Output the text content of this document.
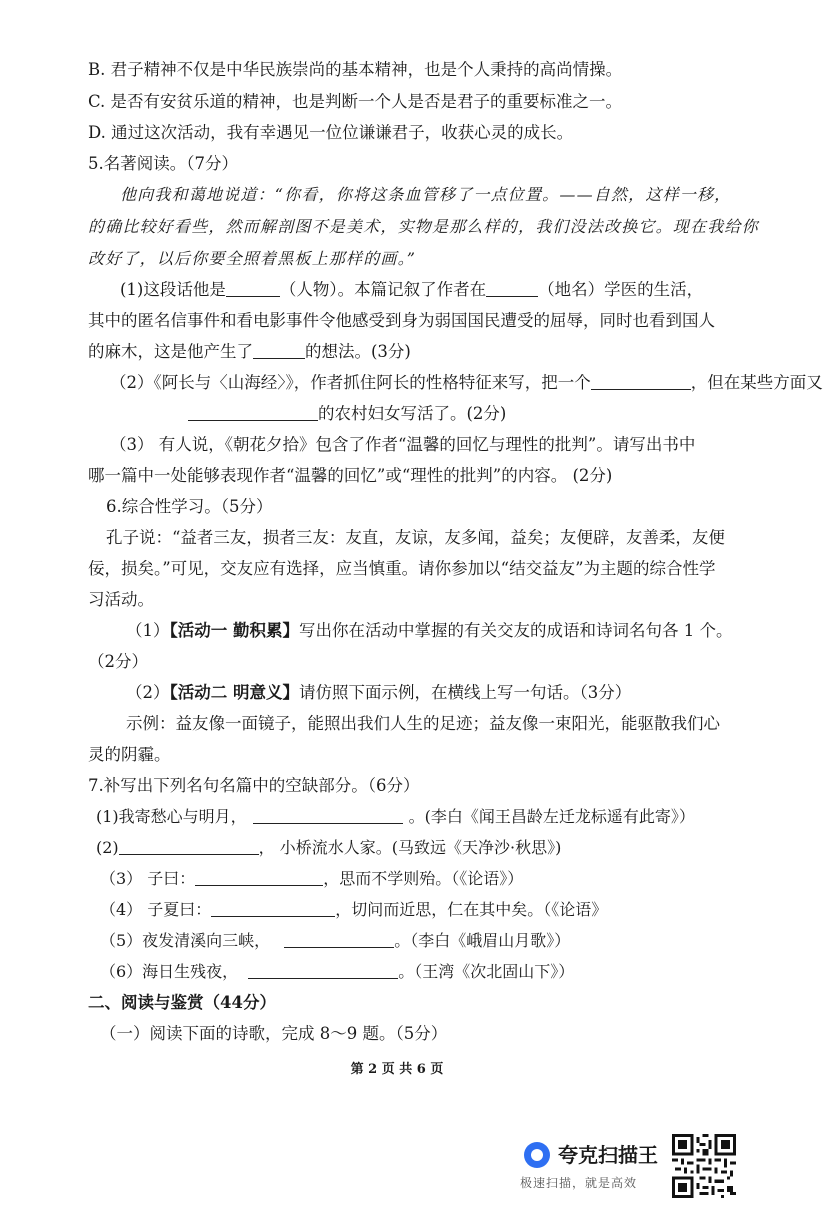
B. 君子精神不仅是中华民族崇尚的基本精神，也是个人秉持的高尚情操。
C. 是否有安贫乐道的精神，也是判断一个人是否是君子的重要标准之一。
D. 通过这次活动，我有幸遇见一位位谦谦君子，收获心灵的成长。
5.名著阅读。（7分）
他向我和蔼地说道：“你看，你将这条血管移了一点位置。——自然，这样一移，
的确比较好看些，然而解剖图不是美术，实物是那么样的，我们没法改换它。现在我给你
改好了，以后你要全照着黑板上那样的画。”
(1)这段话他是	（人物）。本篇记叙了作者在	（地名）学医的生活，
其中的匿名信事件和看电影事件令他感受到身为弱国国民遭受的屈辱，同时也看到国人
的麻木，这是他产生了	的想法。(3分)
（2）《阿长与〈山海经〉》，作者抓住阿长的性格特征来写，把一个	，但在某些方面又
的农村妇女写活了。(2分)
（3） 有人说，《朝花夕拾》包含了作者“温馨的回忆与理性的批判”。请写出书中
哪一篇中一处能够表现作者“温馨的回忆”或“理性的批判”的内容。 (2分)
6.综合性学习。（5分）
孔子说：“益者三友，损者三友：友直，友谅，友多闻，益矣；友便辟，友善柔，友便
佞，损矣。”可见，交友应有选择，应当慎重。请你参加以“结交益友”为主题的综合性学
习活动。
（1）【活动一 勤积累】写出你在活动中掌握的有关交友的成语和诗词名句各 1 个。
（2分）
（2）【活动二 明意义】请仿照下面示例，在横线上写一句话。（3分）
示例：益友像一面镜子，能照出我们人生的足迹；益友像一束阳光，能驱散我们心
灵的阴霾。
7.补写出下列名句名篇中的空缺部分。（6分）
(1)我寄愁心与明月，	。(李白《闻王昌龄左迁龙标遥有此寄》）
(2)	， 小桥流水人家。(马致远《天净沙·秋思》)
（3） 子曰：	，思而不学则殆。（《论语》）
（4） 子夏曰：	，切问而近思，仁在其中矣。（《论语》
（5）夜发清溪向三峡，	。（李白《峨眉山月歌》）
（6）海日生残夜，	。（王湾《次北固山下》）
二、阅读与鉴赏（44分）
（一）阅读下面的诗歌，完成 8～9 题。（5分）
第 2 页 共 6 页
夸克扫描王
极速扫描，就是高效
